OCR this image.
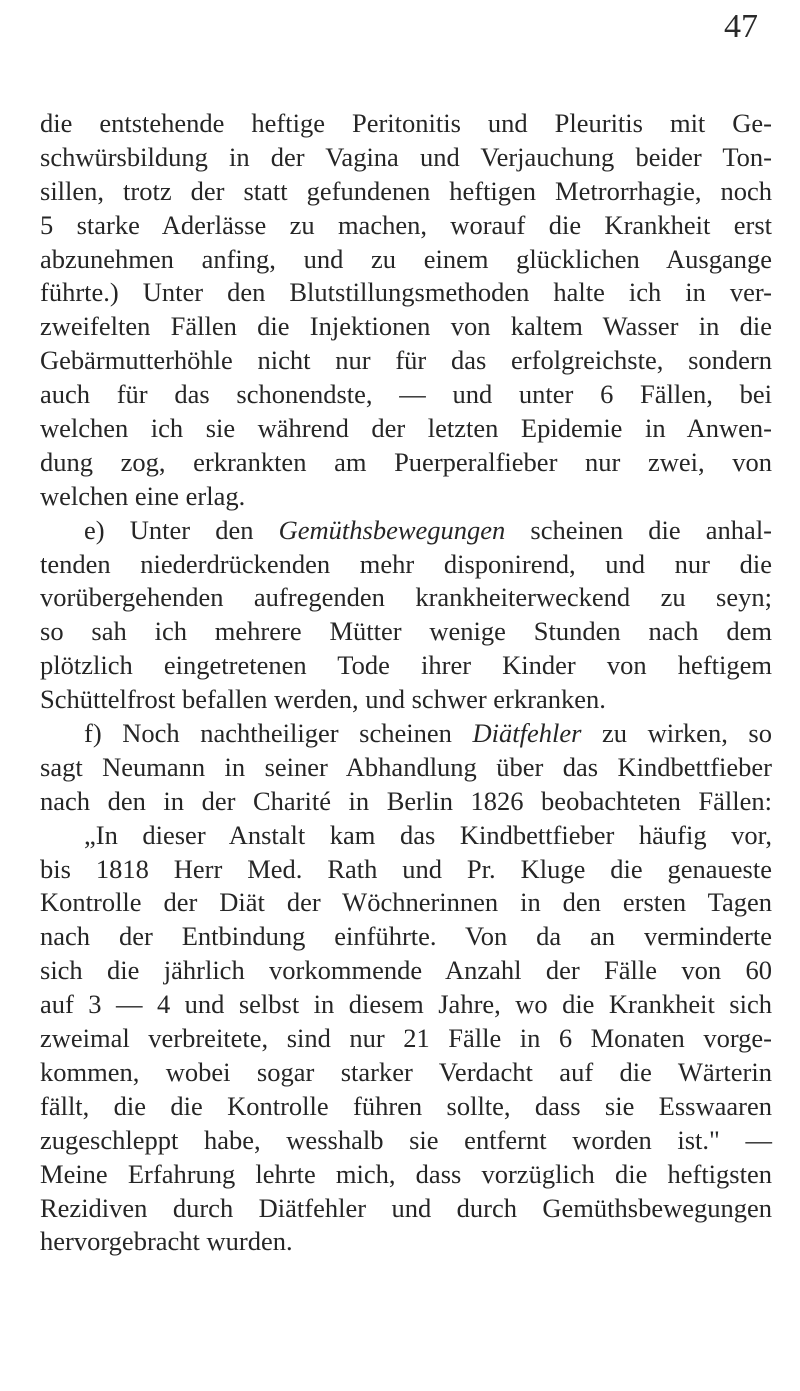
47
die entstehende heftige Peritonitis und Pleuritis mit Ge-
schwürsbildung in der Vagina und Verjauchung beider Ton-
sillen, trotz der statt gefundenen heftigen Metrorrhagie, noch
5 starke Aderlässe zu machen, worauf die Krankheit erst
abzunehmen anfing, und zu einem glücklichen Ausgange
führte.) Unter den Blutstillungsmethoden halte ich in ver-
zweifelten Fällen die Injektionen von kaltem Wasser in die
Gebärmutterhöhle nicht nur für das erfolgreichste, sondern
auch für das schonendste, — und unter 6 Fällen, bei
welchen ich sie während der letzten Epidemie in Anwen-
dung zog, erkrankten am Puerperalfieber nur zwei, von
welchen eine erlag.
e) Unter den Gemüthsbewegungen scheinen die anhal-
tenden niederdrückenden mehr disponirend, und nur die
vorübergehenden aufregenden krankheiterweckend zu seyn;
so sah ich mehrere Mütter wenige Stunden nach dem
plötzlich eingetretenen Tode ihrer Kinder von heftigem
Schüttelfrost befallen werden, und schwer erkranken.
f) Noch nachtheiliger scheinen Diätfehler zu wirken, so
sagt Neumann in seiner Abhandlung über das Kindbettfieber
nach den in der Charité in Berlin 1826 beobachteten Fällen:
„In dieser Anstalt kam das Kindbettfieber häufig vor,
bis 1818 Herr Med. Rath und Pr. Kluge die genaueste
Kontrolle der Diät der Wöchnerinnen in den ersten Tagen
nach der Entbindung einführte. Von da an verminderte
sich die jährlich vorkommende Anzahl der Fälle von 60
auf 3 — 4 und selbst in diesem Jahre, wo die Krankheit sich
zweimal verbreitete, sind nur 21 Fälle in 6 Monaten vorge-
kommen, wobei sogar starker Verdacht auf die Wärterin
fällt, die die Kontrolle führen sollte, dass sie Esswaaren
zugeschleppt habe, wesshalb sie entfernt worden ist." —
Meine Erfahrung lehrte mich, dass vorzüglich die heftigsten
Rezidiven durch Diätfehler und durch Gemüthsbewegungen
hervorgebracht wurden.
